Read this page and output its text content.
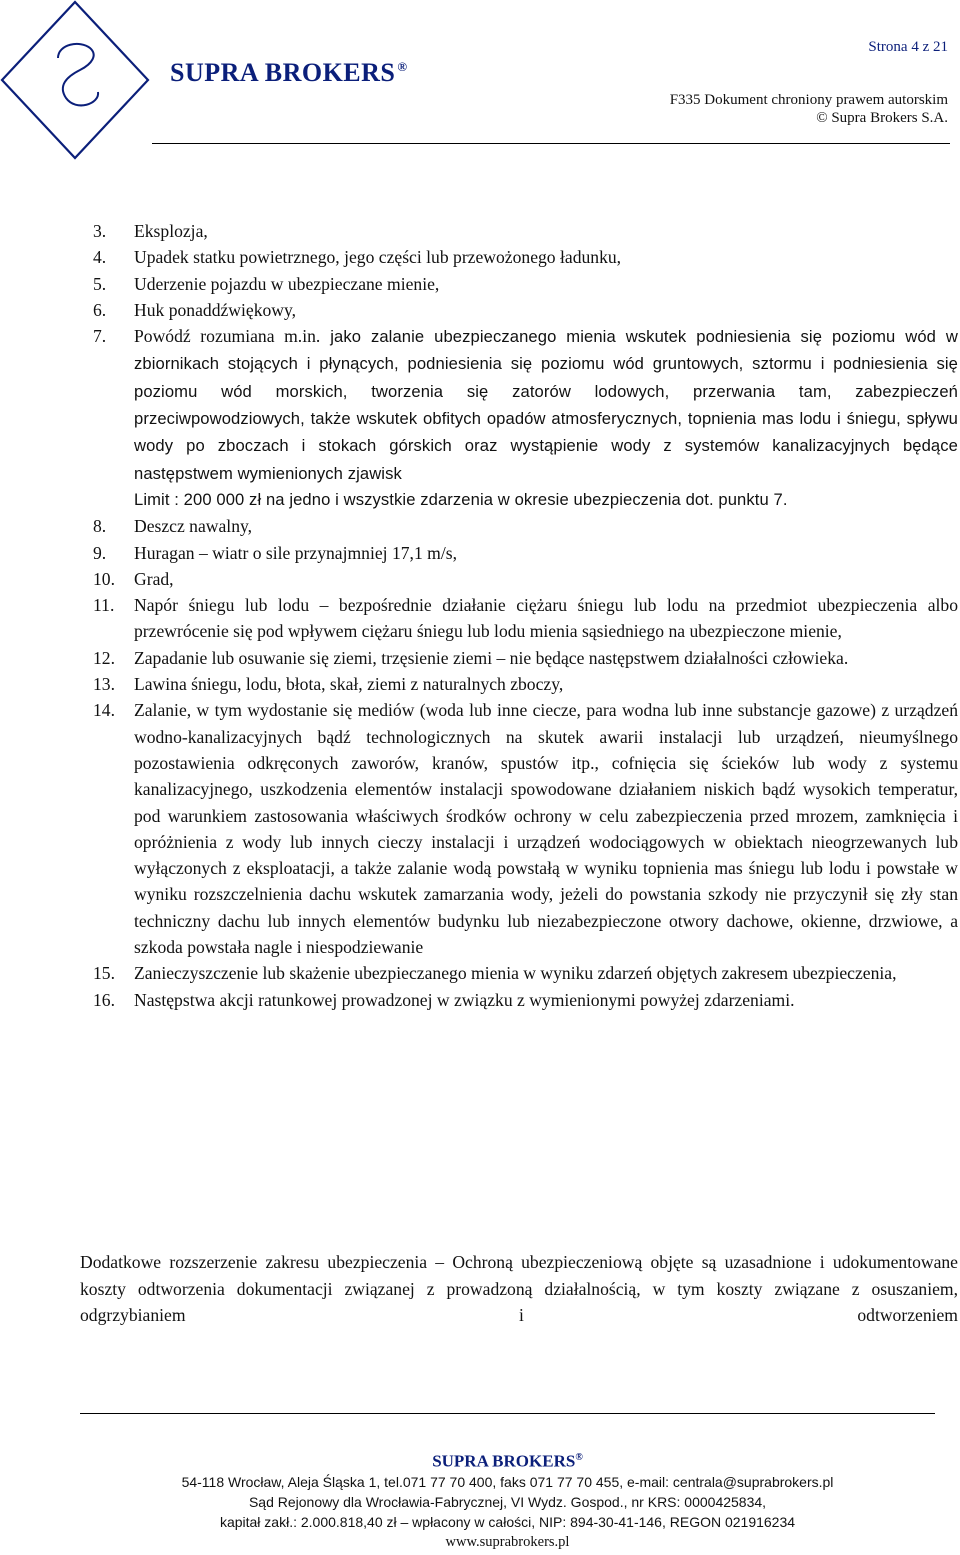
SUPRA BROKERS ®
Strona 4 z 21
F335 Dokument chroniony prawem autorskim
© Supra Brokers S.A.
3.	Eksplozja,
4.	Upadek statku powietrznego, jego części lub przewożonego ładunku,
5.	Uderzenie pojazdu w ubezpieczane mienie,
6.	Huk ponaddźwiękowy,
7.	Powódź rozumiana m.in. jako zalanie ubezpieczanego mienia wskutek podniesienia się poziomu wód w zbiornikach stojących i płynących, podniesienia się poziomu wód gruntowych, sztormu i podniesienia się poziomu wód morskich, tworzenia się zatorów lodowych, przerwania tam, zabezpieczeń przeciwpowodziowych, także wskutek obfitych opadów atmosferycznych, topnienia mas lodu i śniegu, spływu wody po zboczach i stokach górskich oraz wystąpienie wody z systemów kanalizacyjnych będące następstwem wymienionych zjawisk
Limit : 200 000 zł na jedno i wszystkie zdarzenia w okresie ubezpieczenia dot. punktu 7.
8.	Deszcz nawalny,
9.	Huragan – wiatr o sile przynajmniej 17,1 m/s,
10.	Grad,
11.	Napór śniegu lub lodu – bezpośrednie działanie ciężaru śniegu lub lodu na przedmiot ubezpieczenia albo przewrócenie się pod wpływem ciężaru śniegu lub lodu mienia sąsiedniego na ubezpieczone mienie,
12.	Zapadanie lub osuwanie się ziemi, trzęsienie ziemi – nie będące następstwem działalności człowieka.
13.	Lawina śniegu, lodu, błota, skał, ziemi z naturalnych zboczy,
14.	Zalanie, w tym wydostanie się mediów (woda lub inne ciecze, para wodna lub inne substancje gazowe) z urządzeń wodno-kanalizacyjnych bądź technologicznych na skutek awarii instalacji lub urządzeń, nieumyślnego pozostawienia odkręconych zaworów, kranów, spustów itp., cofnięcia się ścieków lub wody z systemu kanalizacyjnego, uszkodzenia elementów instalacji spowodowane działaniem niskich bądź wysokich temperatur, pod warunkiem zastosowania właściwych środków ochrony w celu zabezpieczenia przed mrozem, zamknięcia i opróżnienia z wody lub innych cieczy instalacji i urządzeń wodociągowych w obiektach nieogrzewanych lub wyłączonych z eksploatacji, a także zalanie wodą powstałą w wyniku topnienia mas śniegu lub lodu i powstałe w wyniku rozszczelnienia dachu wskutek zamarzania wody, jeżeli do powstania szkody nie przyczynił się zły stan techniczny dachu lub innych elementów budynku lub niezabezpieczone otwory dachowe, okienne, drzwiowe, a szkoda powstała nagle i niespodziewanie
15.	Zanieczyszczenie lub skażenie ubezpieczanego mienia w wyniku zdarzeń objętych zakresem ubezpieczenia,
16.	Następstwa akcji ratunkowej prowadzonej w związku z wymienionymi powyżej zdarzeniami.
Dodatkowe rozszerzenie zakresu ubezpieczenia – Ochroną ubezpieczeniową objęte są uzasadnione i udokumentowane koszty odtworzenia dokumentacji związanej z prowadzoną działalnością, w tym koszty związane z osuszaniem, odgrzybianiem i odtworzeniem
SUPRA BROKERS®
54-118 Wrocław, Aleja Śląska 1, tel.071 77 70 400, faks 071 77 70 455, e-mail: centrala@suprabrokers.pl
Sąd Rejonowy dla Wrocławia-Fabrycznej, VI Wydz. Gospod., nr KRS: 0000425834,
kapitał zakł.: 2.000.818,40 zł – wpłacony w całości, NIP: 894-30-41-146, REGON 021916234
www.suprabrokers.pl
